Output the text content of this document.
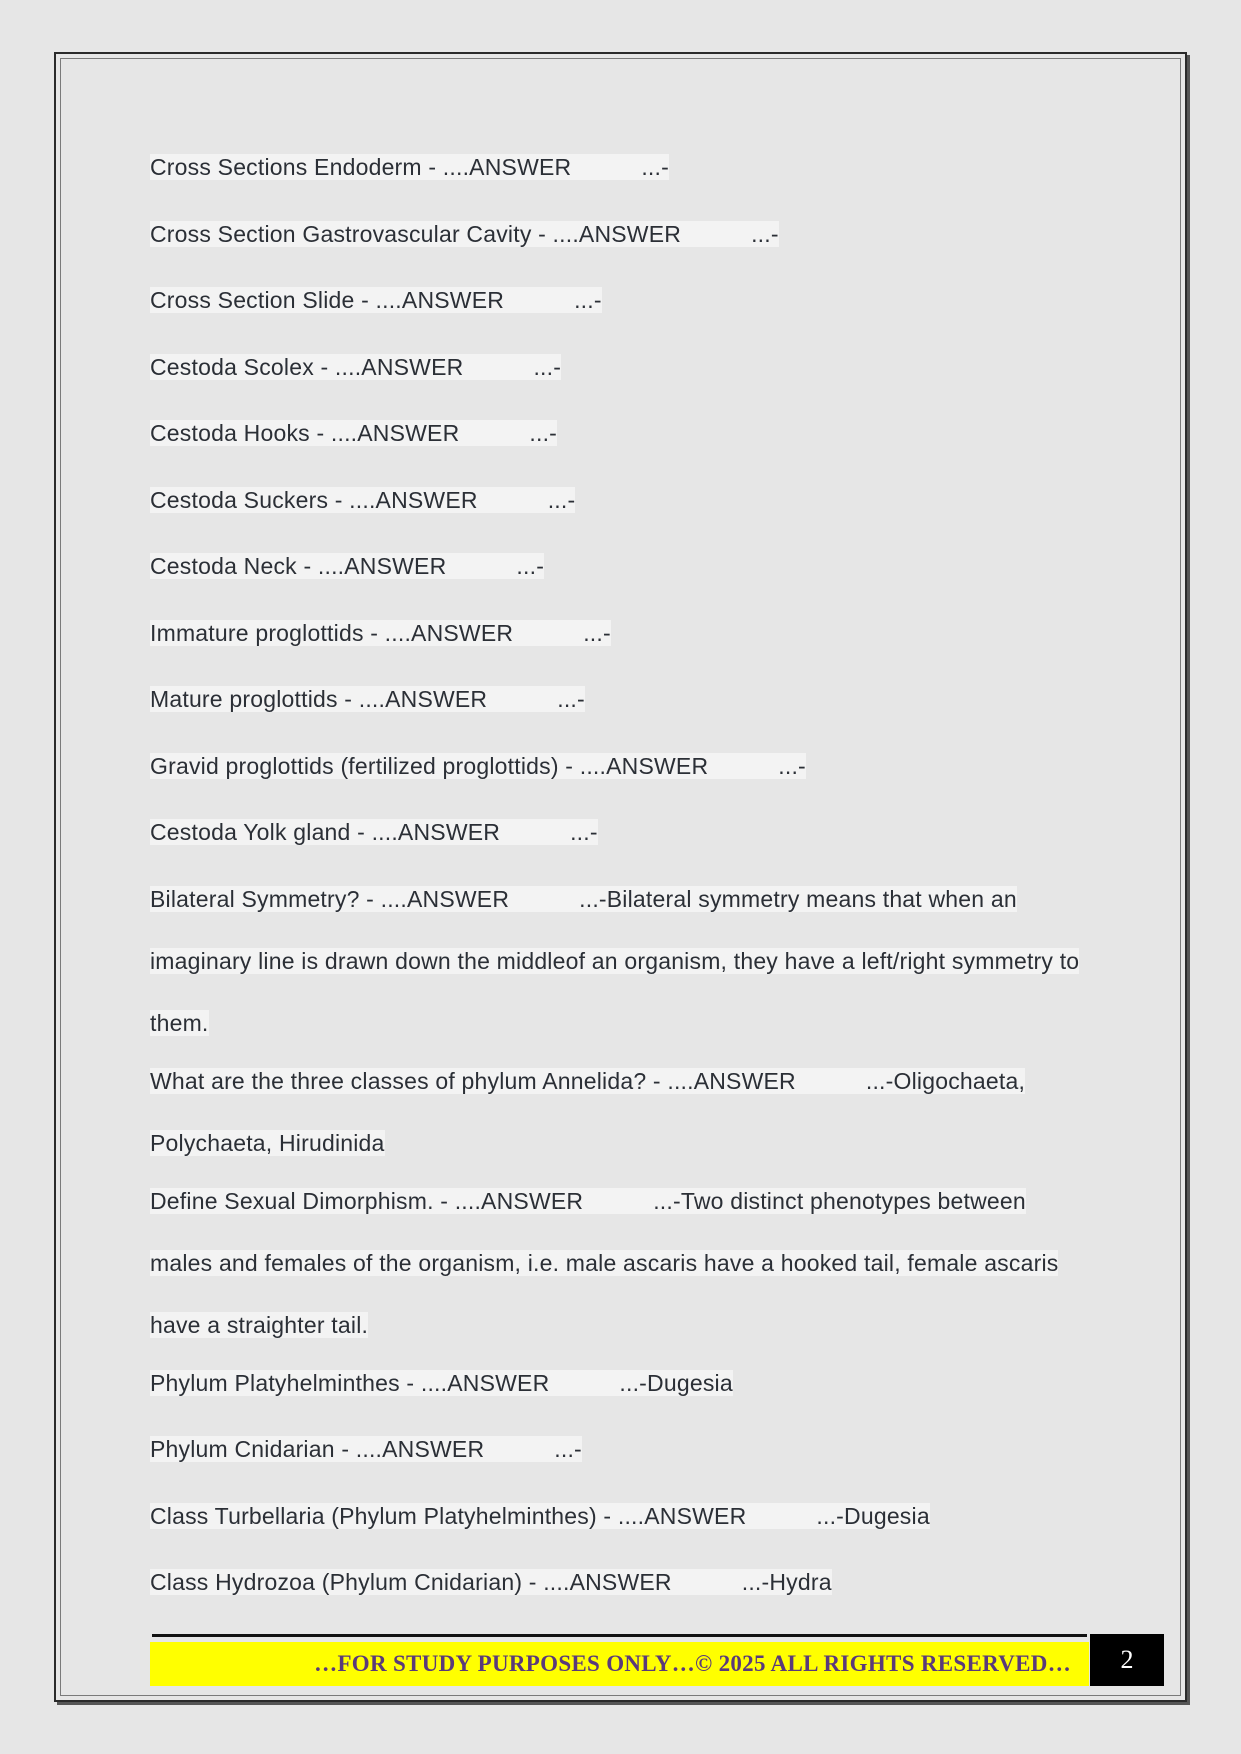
Cross Sections Endoderm - ....ANSWER	...-

Cross Section Gastrovascular Cavity - ....ANSWER	...-

Cross Section Slide - ....ANSWER	...-

Cestoda Scolex - ....ANSWER	...-

Cestoda Hooks - ....ANSWER	...-

Cestoda Suckers - ....ANSWER	...-

Cestoda Neck - ....ANSWER	...-

Immature proglottids - ....ANSWER	...-

Mature proglottids - ....ANSWER	...-

Gravid proglottids (fertilized proglottids) - ....ANSWER	...-

Cestoda Yolk gland - ....ANSWER	...-

Bilateral Symmetry? - ....ANSWER	...-Bilateral symmetry means that when an imaginary line is drawn down the middleof an organism, they have a left/right symmetry to them.

What are the three classes of phylum Annelida? - ....ANSWER	...-Oligochaeta, Polychaeta, Hirudinida

Define Sexual Dimorphism. - ....ANSWER	...-Two distinct phenotypes between males and females of the organism, i.e. male ascaris have a hooked tail, female ascaris have a straighter tail.

Phylum Platyhelminthes - ....ANSWER	...-Dugesia

Phylum Cnidarian - ....ANSWER	...-

Class Turbellaria (Phylum Platyhelminthes) - ....ANSWER	...-Dugesia

Class Hydrozoa (Phylum Cnidarian) - ....ANSWER	...-Hydra

…FOR STUDY PURPOSES ONLY…© 2025 ALL RIGHTS RESERVED… 2
